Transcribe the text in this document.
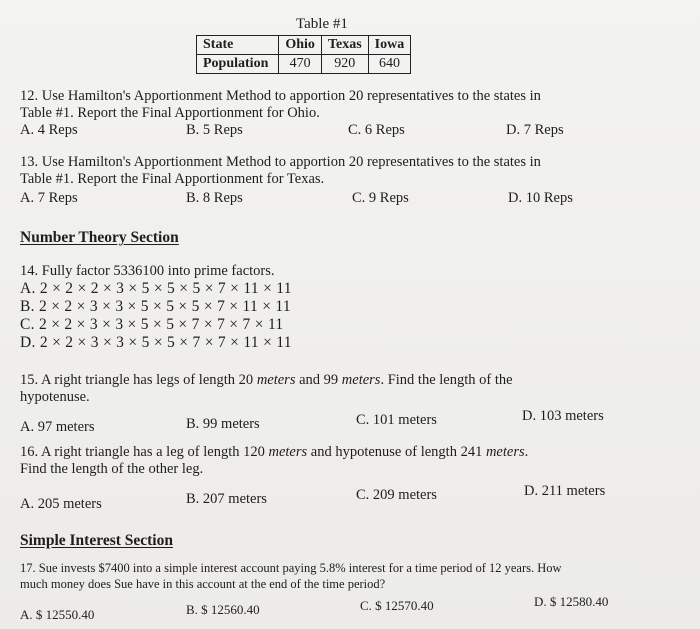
Table #1
State	Ohio	Texas	Iowa
Population	470	920	640
12. Use Hamilton's Apportionment Method to apportion 20 representatives to the states in
Table #1. Report the Final Apportionment for Ohio.
A. 4 Reps	B. 5 Reps	C. 6 Reps	D. 7 Reps
13. Use Hamilton's Apportionment Method to apportion 20 representatives to the states in
Table #1. Report the Final Apportionment for Texas.
A. 7 Reps	B. 8 Reps	C. 9 Reps	D. 10 Reps
Number Theory Section
14. Fully factor 5336100 into prime factors.
A. 2 × 2 × 2 × 3 × 5 × 5 × 5 × 7 × 11 × 11
B. 2 × 2 × 3 × 3 × 5 × 5 × 5 × 7 × 11 × 11
C. 2 × 2 × 3 × 3 × 5 × 5 × 7 × 7 × 7 × 11
D. 2 × 2 × 3 × 3 × 5 × 5 × 7 × 7 × 11 × 11
15. A right triangle has legs of length 20 meters and 99 meters. Find the length of the
hypotenuse.
A. 97 meters	B. 99 meters	C. 101 meters	D. 103 meters
16. A right triangle has a leg of length 120 meters and hypotenuse of length 241 meters.
Find the length of the other leg.
A. 205 meters	B. 207 meters	C. 209 meters	D. 211 meters
Simple Interest Section
17. Sue invests $7400 into a simple interest account paying 5.8% interest for a time period of 12 years. How
much money does Sue have in this account at the end of the time period?
A. $ 12550.40	B. $ 12560.40	C. $ 12570.40	D. $ 12580.40
